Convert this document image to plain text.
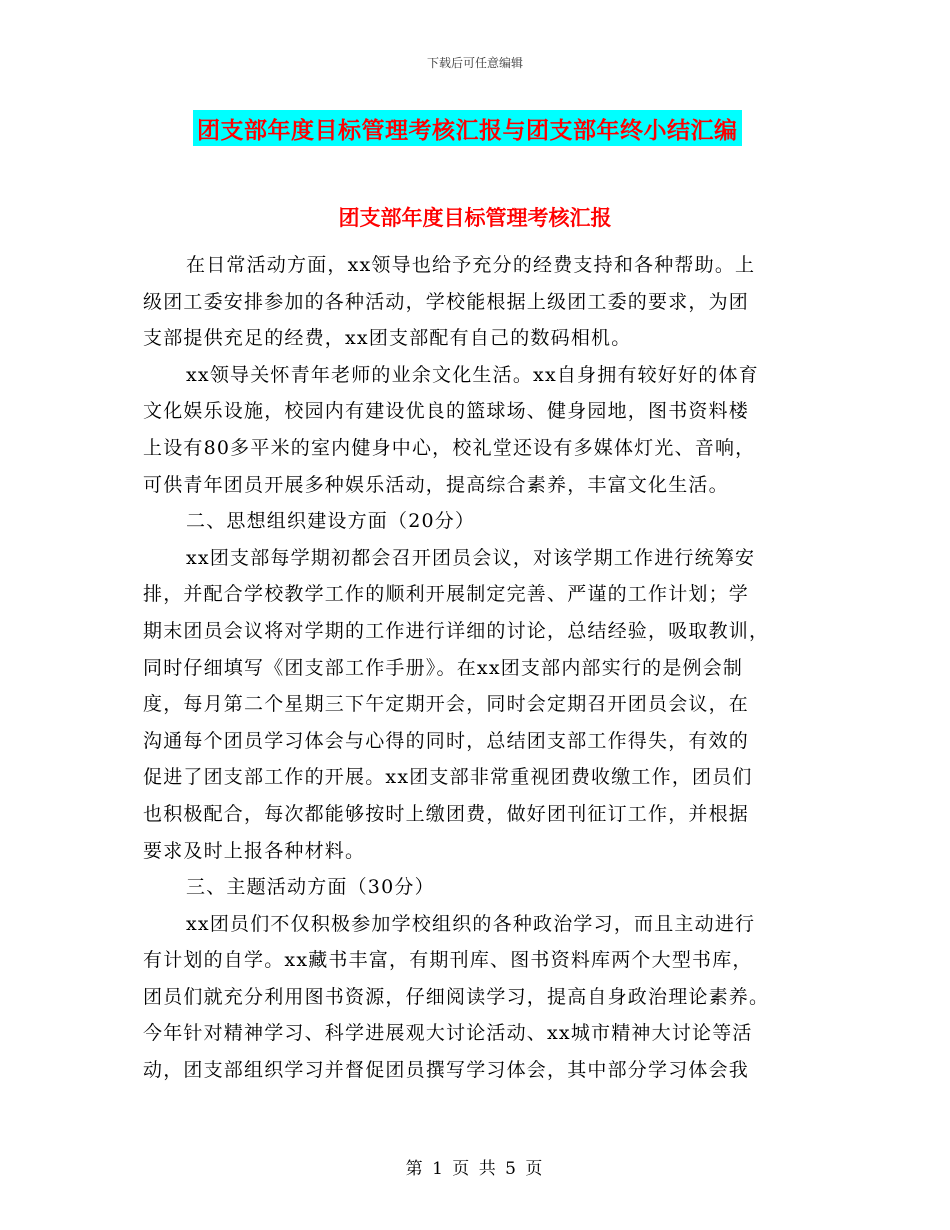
下载后可任意编辑
团支部年度目标管理考核汇报与团支部年终小结汇编
团支部年度目标管理考核汇报
在日常活动方面，xx领导也给予充分的经费支持和各种帮助。上
级团工委安排参加的各种活动，学校能根据上级团工委的要求，为团
支部提供充足的经费，xx团支部配有自己的数码相机。
xx领导关怀青年老师的业余文化生活。xx自身拥有较好好的体育
文化娱乐设施，校园内有建设优良的篮球场、健身园地，图书资料楼
上设有80多平米的室内健身中心，校礼堂还设有多媒体灯光、音响，
可供青年团员开展多种娱乐活动，提高综合素养，丰富文化生活。
二、思想组织建设方面（20分）
xx团支部每学期初都会召开团员会议，对该学期工作进行统筹安
排，并配合学校教学工作的顺利开展制定完善、严谨的工作计划；学
期末团员会议将对学期的工作进行详细的讨论，总结经验，吸取教训，
同时仔细填写《团支部工作手册》。在xx团支部内部实行的是例会制
度，每月第二个星期三下午定期开会，同时会定期召开团员会议，在
沟通每个团员学习体会与心得的同时，总结团支部工作得失，有效的
促进了团支部工作的开展。xx团支部非常重视团费收缴工作，团员们
也积极配合，每次都能够按时上缴团费，做好团刊征订工作，并根据
要求及时上报各种材料。
三、主题活动方面（30分）
xx团员们不仅积极参加学校组织的各种政治学习，而且主动进行
有计划的自学。xx藏书丰富，有期刊库、图书资料库两个大型书库，
团员们就充分利用图书资源，仔细阅读学习，提高自身政治理论素养。
今年针对精神学习、科学进展观大讨论活动、xx城市精神大讨论等活
动，团支部组织学习并督促团员撰写学习体会，其中部分学习体会我
第 1 页 共 5 页
